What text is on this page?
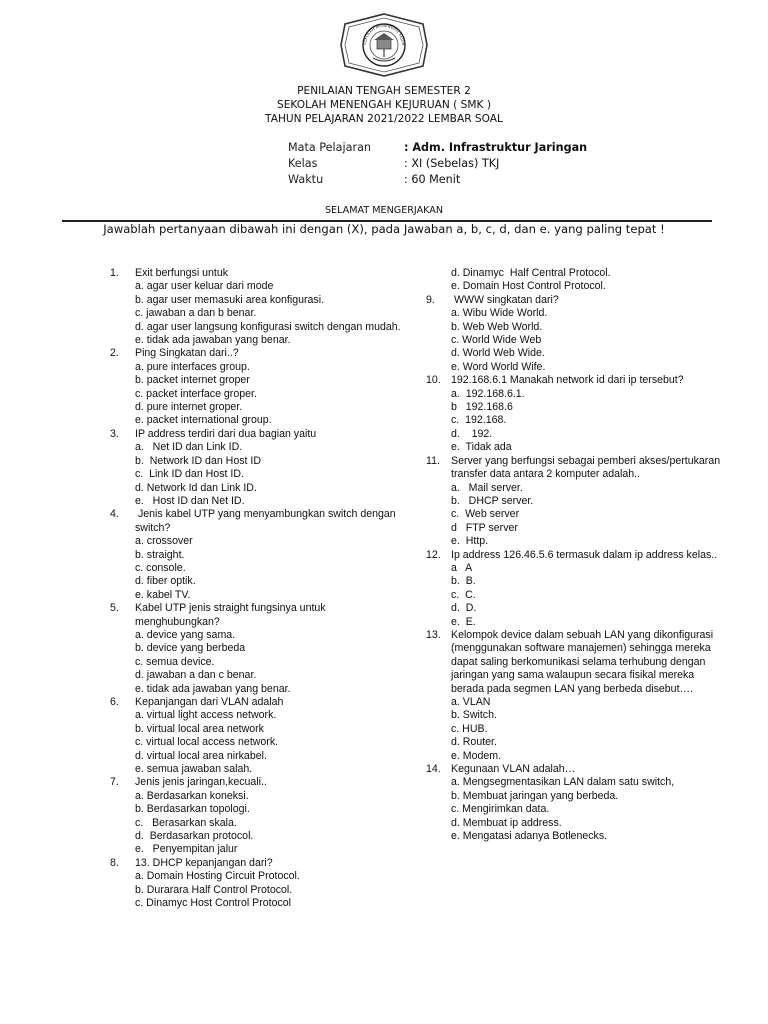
SEKOLAH MENENGAH KEJUR
PENILAIAN TENGAH SEMESTER 2
SEKOLAH MENENGAH KEJURUAN ( SMK )
TAHUN PELAJARAN 2021/2022 LEMBAR SOAL
Mata Pelajaran	: Adm. Infrastruktur Jaringan
Kelas	: XI (Sebelas) TKJ
Waktu	: 60 Menit
SELAMAT MENGERJAKAN
Jawablah pertanyaan dibawah ini dengan (X), pada Jawaban a, b, c, d, dan e. yang paling tepat !
1.	Exit berfungsi untuk
a. agar user keluar dari mode
b. agar user memasuki area konfigurasi.
c. jawaban a dan b benar.
d. agar user langsung konfigurasi switch dengan mudah.
e. tidak ada jawaban yang benar.
2.	Ping Singkatan dari..?
a. pure interfaces group.
b. packet internet groper
c. packet interface groper.
d. pure internet groper.
e. packet international group.
3.	IP address terdiri dari dua bagian yaitu
a.   Net ID dan Link ID.
b.  Network ID dan Host ID
c.  Link ID dan Host ID.
d. Network Id dan Link ID.
e.   Host ID dan Net ID.
4.	Jenis kabel UTP yang menyambungkan switch dengan switch?
a. crossover
b. straight.
c. console.
d. fiber optik.
e. kabel TV.
5.	Kabel UTP jenis straight fungsinya untuk menghubungkan?
a. device yang sama.
b. device yang berbeda
c. semua device.
d. jawaban a dan c benar.
e. tidak ada jawaban yang benar.
6.	Kepanjangan dari VLAN adalah
a. virtual light access network.
b. virtual local area network
c. virtual local access network.
d. virtual local area nirkabel.
e. semua jawaban salah.
7.	Jenis jenis jaringan,kecuali..
a. Berdasarkan koneksi.
b. Berdasarkan topologi.
c.   Berasarkan skala.
d.  Berdasarkan protocol.
e.   Penyempitan jalur
8.	13. DHCP kepanjangan dari?
a. Domain Hosting Circuit Protocol.
b. Durarara Half Control Protocol.
c. Dinamyc Host Control Protocol
d. Dinamyc  Half Central Protocol.
e. Domain Host Control Protocol.
9.	WWW singkatan dari?
a. Wibu Wide World.
b. Web Web World.
c. World Wide Web
d. World Web Wide.
e. Word World Wife.
10. 192.168.6.1 Manakah network id dari ip tersebut?
a.  192.168.6.1.
b   192.168.6
c.  192.168.
d.    192.
e.  Tidak ada
11.	Server yang berfungsi sebagai pemberi akses/pertukaran transfer data antara 2 komputer adalah..
a.   Mail server.
b.   DHCP server.
c.  Web server
d   FTP server
e.  Http.
12. Ip address 126.46.5.6 termasuk dalam ip address kelas..
a   A
b.  B.
c.  C.
d.  D.
e.  E.
13. Kelompok device dalam sebuah LAN yang dikonfigurasi (menggunakan software manajemen) sehingga mereka dapat saling berkomunikasi selama terhubung dengan jaringan yang sama walaupun secara fisikal mereka berada pada segmen LAN yang berbeda disebut….
a. VLAN
b. Switch.
c. HUB.
d. Router.
e. Modem.
14. Kegunaan VLAN adalah…
a. Mengsegmentasikan LAN dalam satu switch,
b. Membuat jaringan yang berbeda.
c. Mengirimkan data.
d. Membuat ip address.
e. Mengatasi adanya Botlenecks.
